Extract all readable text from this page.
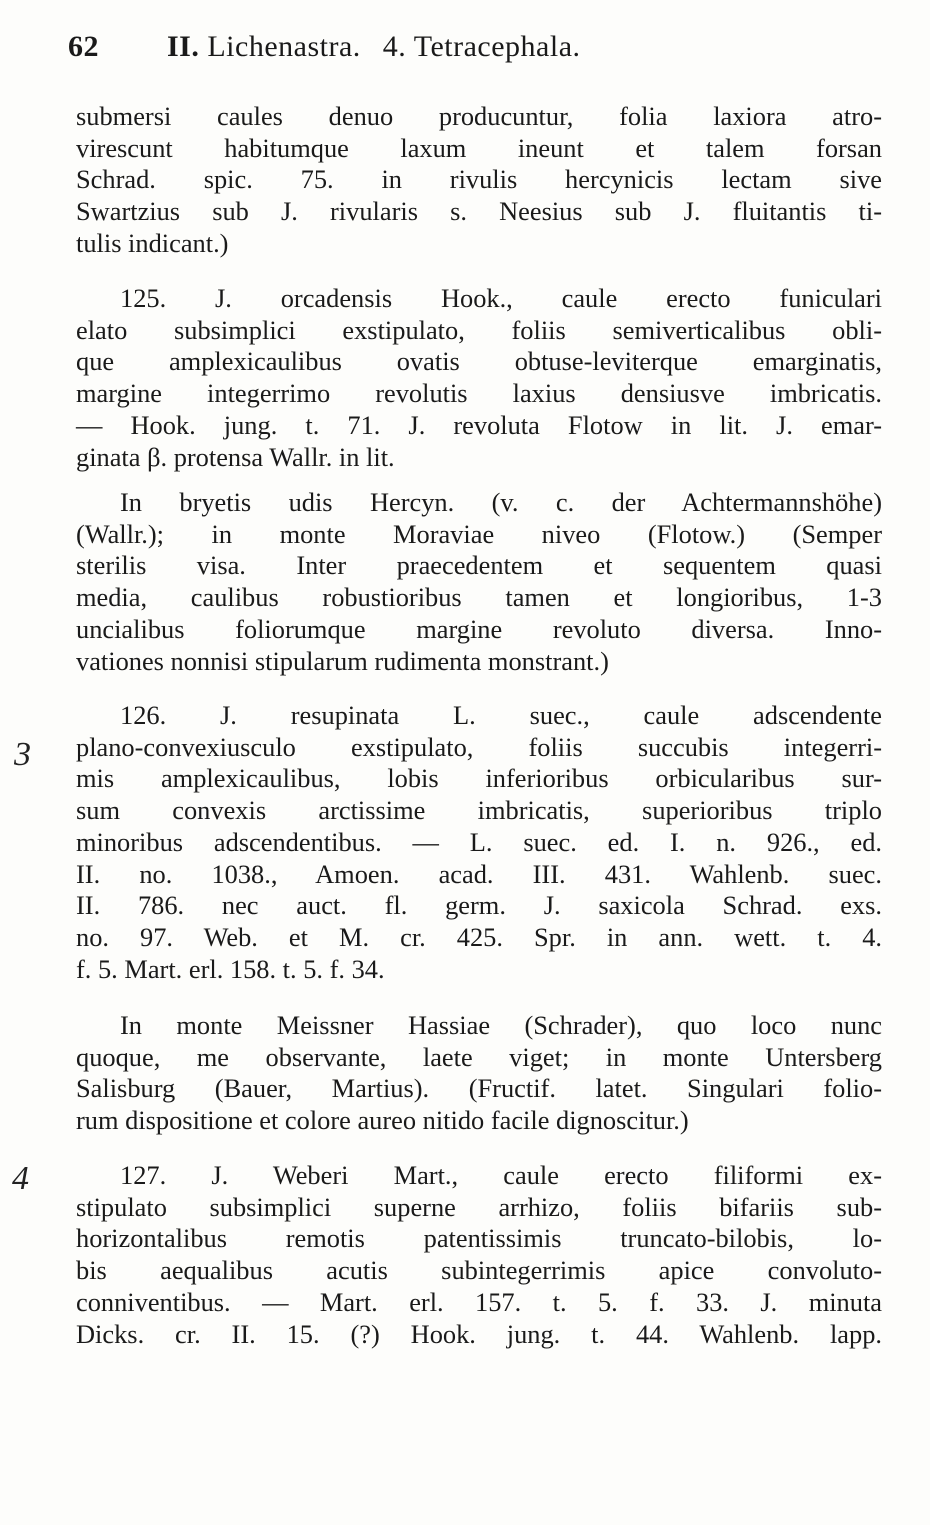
62 II. Lichenastra. 4. Tetracephala.
3
4
submersi caules denuo producuntur, folia laxiora atro-
virescunt habitumque laxum ineunt et talem forsan
Schrad. spic. 75. in rivulis hercynicis lectam sive
Swartzius sub J. rivularis s. Neesius sub J. fluitantis ti-
tulis indicant.)
125. J. orcadensis Hook., caule erecto funiculari
elato subsimplici exstipulato, foliis semiverticalibus obli-
que amplexicaulibus ovatis obtuse-leviterque emarginatis,
margine integerrimo revolutis laxius densiusve imbricatis.
— Hook. jung. t. 71. J. revoluta Flotow in lit. J. emar-
ginata β. protensa Wallr. in lit.
In bryetis udis Hercyn. (v. c. der Achtermannshöhe)
(Wallr.); in monte Moraviae niveo (Flotow.) (Semper
sterilis visa. Inter praecedentem et sequentem quasi
media, caulibus robustioribus tamen et longioribus, 1-3
uncialibus foliorumque margine revoluto diversa. Inno-
vationes nonnisi stipularum rudimenta monstrant.)
126. J. resupinata L. suec., caule adscendente
plano-convexiusculo exstipulato, foliis succubis integerri-
mis amplexicaulibus, lobis inferioribus orbicularibus sur-
sum convexis arctissime imbricatis, superioribus triplo
minoribus adscendentibus. — L. suec. ed. I. n. 926., ed.
II. no. 1038., Amoen. acad. III. 431. Wahlenb. suec.
II. 786. nec auct. fl. germ. J. saxicola Schrad. exs.
no. 97. Web. et M. cr. 425. Spr. in ann. wett. t. 4.
f. 5. Mart. erl. 158. t. 5. f. 34.
In monte Meissner Hassiae (Schrader), quo loco nunc
quoque, me observante, laete viget; in monte Untersberg
Salisburg (Bauer, Martius). (Fructif. latet. Singulari folio-
rum dispositione et colore aureo nitido facile dignoscitur.)
127. J. Weberi Mart., caule erecto filiformi ex-
stipulato subsimplici superne arrhizo, foliis bifariis sub-
horizontalibus remotis patentissimis truncato-bilobis, lo-
bis aequalibus acutis subintegerrimis apice convoluto-
conniventibus. — Mart. erl. 157. t. 5. f. 33. J. minuta
Dicks. cr. II. 15. (?) Hook. jung. t. 44. Wahlenb. lapp.
